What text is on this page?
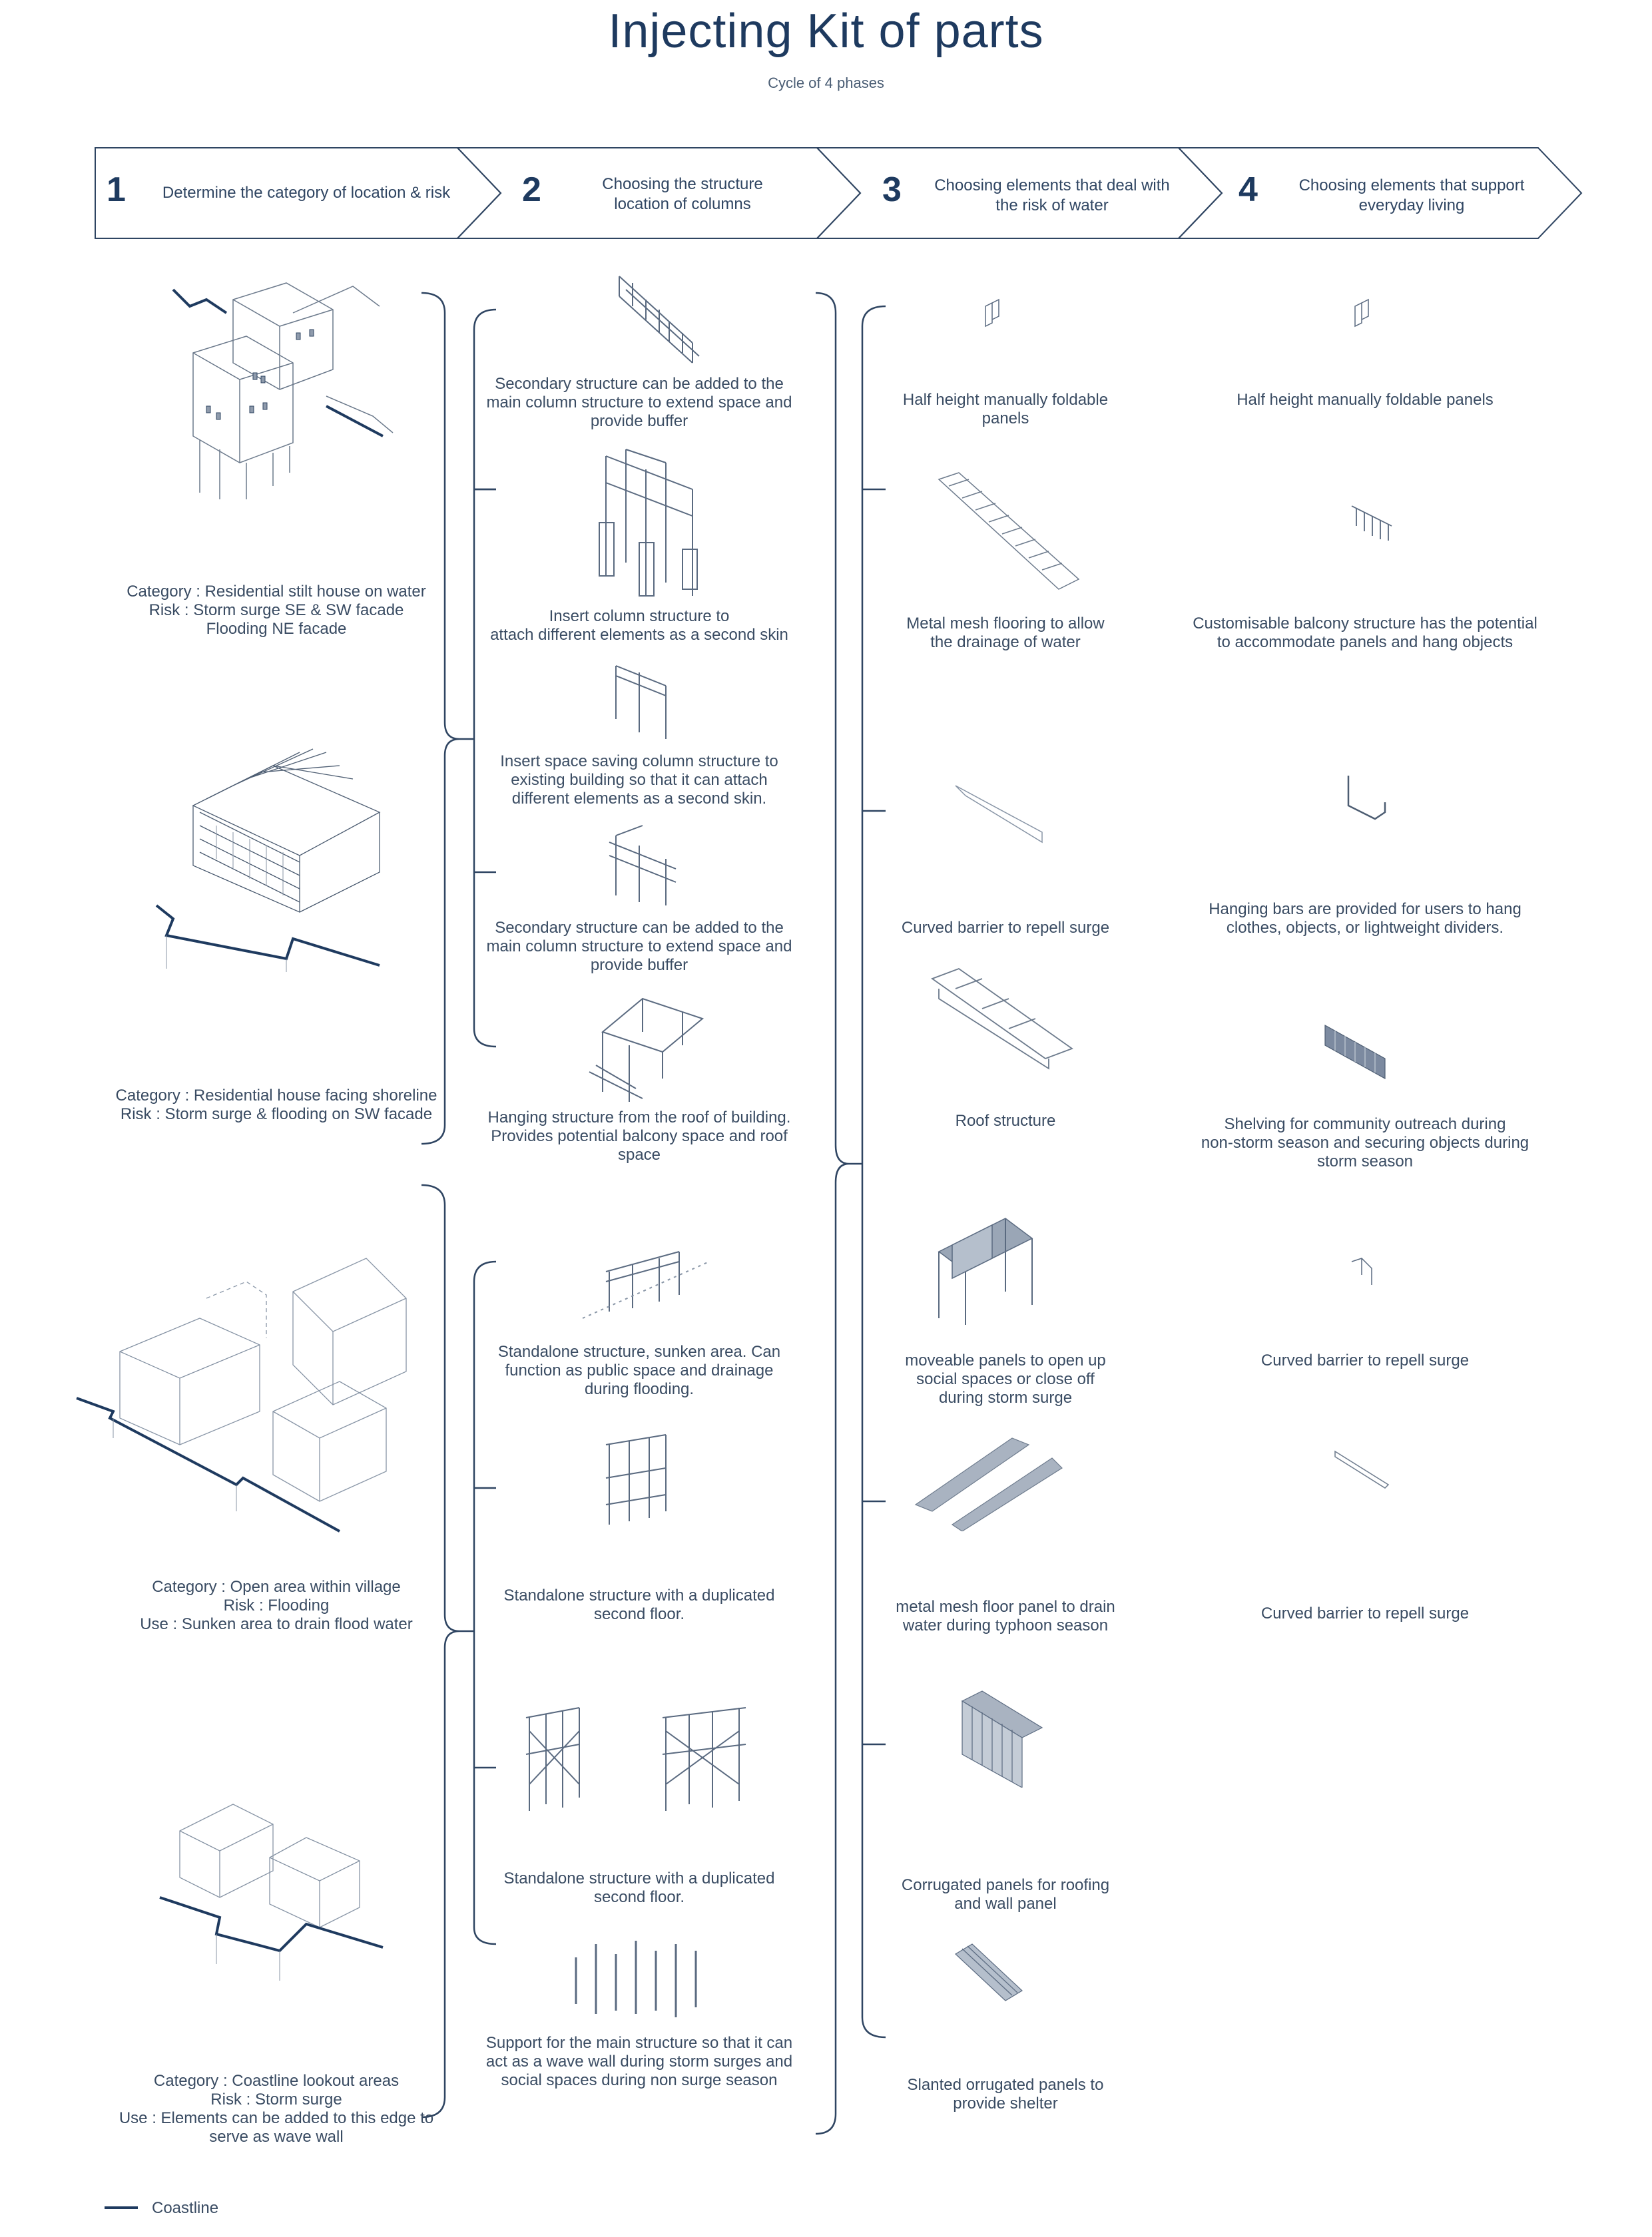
Injecting Kit of parts
Cycle of 4 phases
1	Determine the category of location & risk	2	Choosing the structure location of columns	3	Choosing elements that deal with the risk of water	4	Choosing elements that support everyday living
Category : Residential stilt house on water
Risk : Storm surge SE & SW facade
Flooding NE facade
Category : Residential house facing shoreline
Risk : Storm surge & flooding on SW facade
Category : Open area within village
Risk : Flooding
Use : Sunken area to drain flood water
Category : Coastline lookout areas
Risk : Storm surge
Use : Elements can be added to this edge to
serve as wave wall
Secondary structure can be added to the
main column structure to extend space and
provide buffer
Insert column structure to
attach different elements as a second skin
Insert space saving column structure to
existing building so that it can attach
different elements as a second skin.
Secondary structure can be added to the
main column structure to extend space and
provide buffer
Hanging structure from the roof of building.
Provides potential balcony space and roof
space
Standalone structure, sunken area. Can
function as public space and drainage
during flooding.
Standalone structure with a duplicated
second floor.
Standalone structure with a duplicated
second floor.
Support for the main structure so that it can
act as a wave wall during storm surges and
social spaces during non surge season
Half height manually foldable
panels
Metal mesh flooring to allow
the drainage of water
Curved barrier to repell surge
Roof structure
moveable panels to open up
social spaces or close off
during storm surge
metal mesh floor panel to drain
water during typhoon season
Corrugated panels for roofing
and wall panel
Slanted orrugated panels to
provide shelter
Half height manually foldable panels
Customisable balcony structure has the potential
to accommodate panels and hang objects
Hanging bars are provided for users to hang
clothes, objects, or lightweight dividers.
Shelving for community outreach during
non-storm season and securing objects during
storm season
Curved barrier to repell surge
Curved barrier to repell surge
Coastline
